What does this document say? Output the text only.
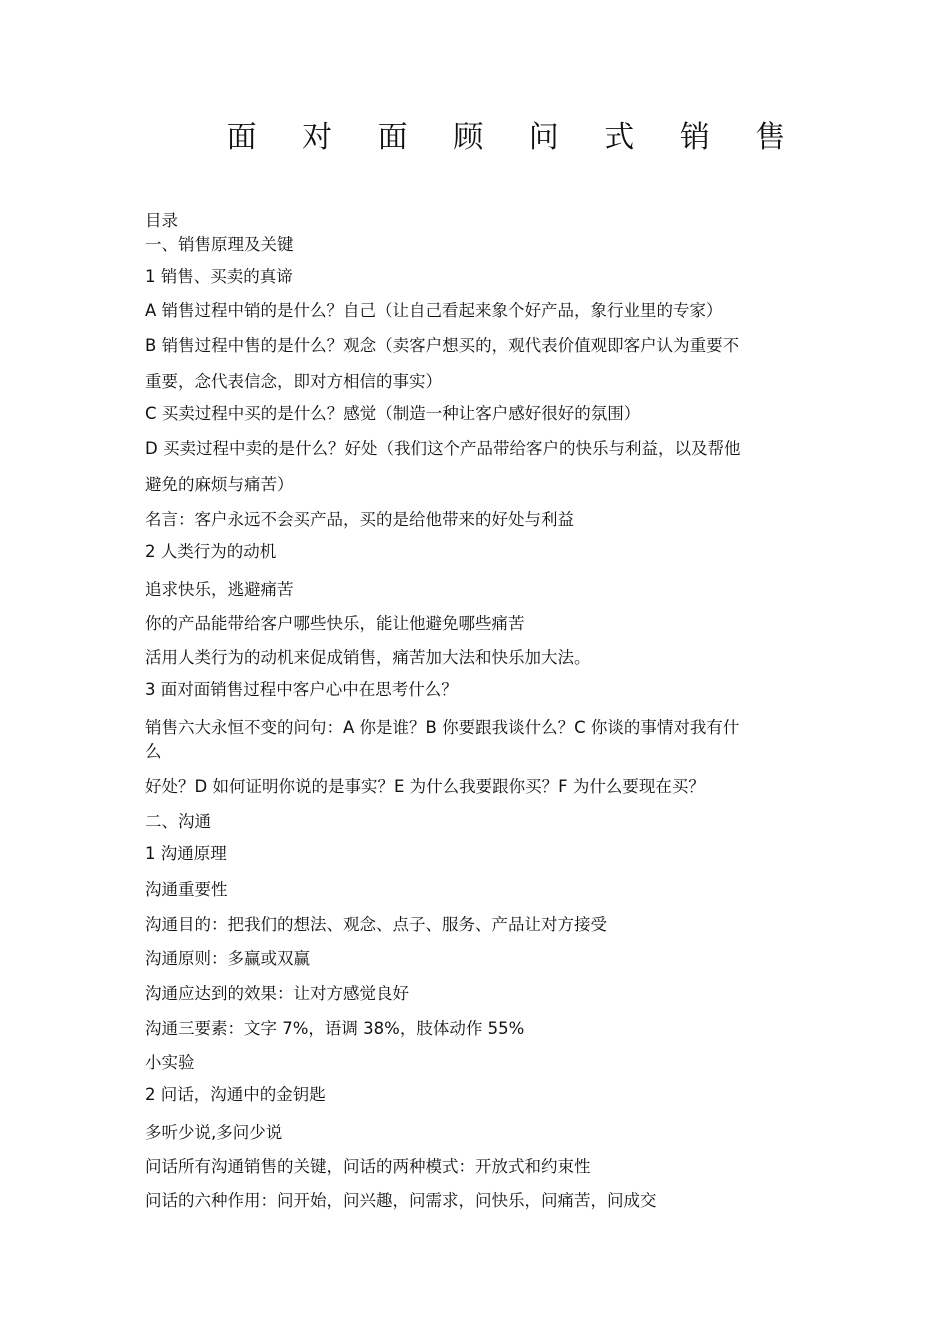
面 对 面 顾 问 式 销 售
目录
一、销售原理及关键
1 销售、买卖的真谛
A 销售过程中销的是什么？自己（让自己看起来象个好产品，象行业里的专家）
B 销售过程中售的是什么？观念（卖客户想买的，观代表价值观即客户认为重要不
重要，念代表信念，即对方相信的事实）
C 买卖过程中买的是什么？感觉（制造一种让客户感好很好的氛围）
D 买卖过程中卖的是什么？好处（我们这个产品带给客户的快乐与利益，以及帮他
避免的麻烦与痛苦）
名言：客户永远不会买产品，买的是给他带来的好处与利益
2 人类行为的动机
追求快乐，逃避痛苦
你的产品能带给客户哪些快乐，能让他避免哪些痛苦
活用人类行为的动机来促成销售，痛苦加大法和快乐加大法。
3 面对面销售过程中客户心中在思考什么？
销售六大永恒不变的问句：A 你是谁？B 你要跟我谈什么？C 你谈的事情对我有什
么
好处？D 如何证明你说的是事实？E 为什么我要跟你买？F 为什么要现在买？
二、沟通
1 沟通原理
沟通重要性
沟通目的：把我们的想法、观念、点子、服务、产品让对方接受
沟通原则：多赢或双赢
沟通应达到的效果：让对方感觉良好
沟通三要素：文字 7%，语调 38%，肢体动作 55%
小实验
2 问话，沟通中的金钥匙
多听少说,多问少说
问话所有沟通销售的关键，问话的两种模式：开放式和约束性
问话的六种作用：问开始，问兴趣，问需求，问快乐，问痛苦，问成交
